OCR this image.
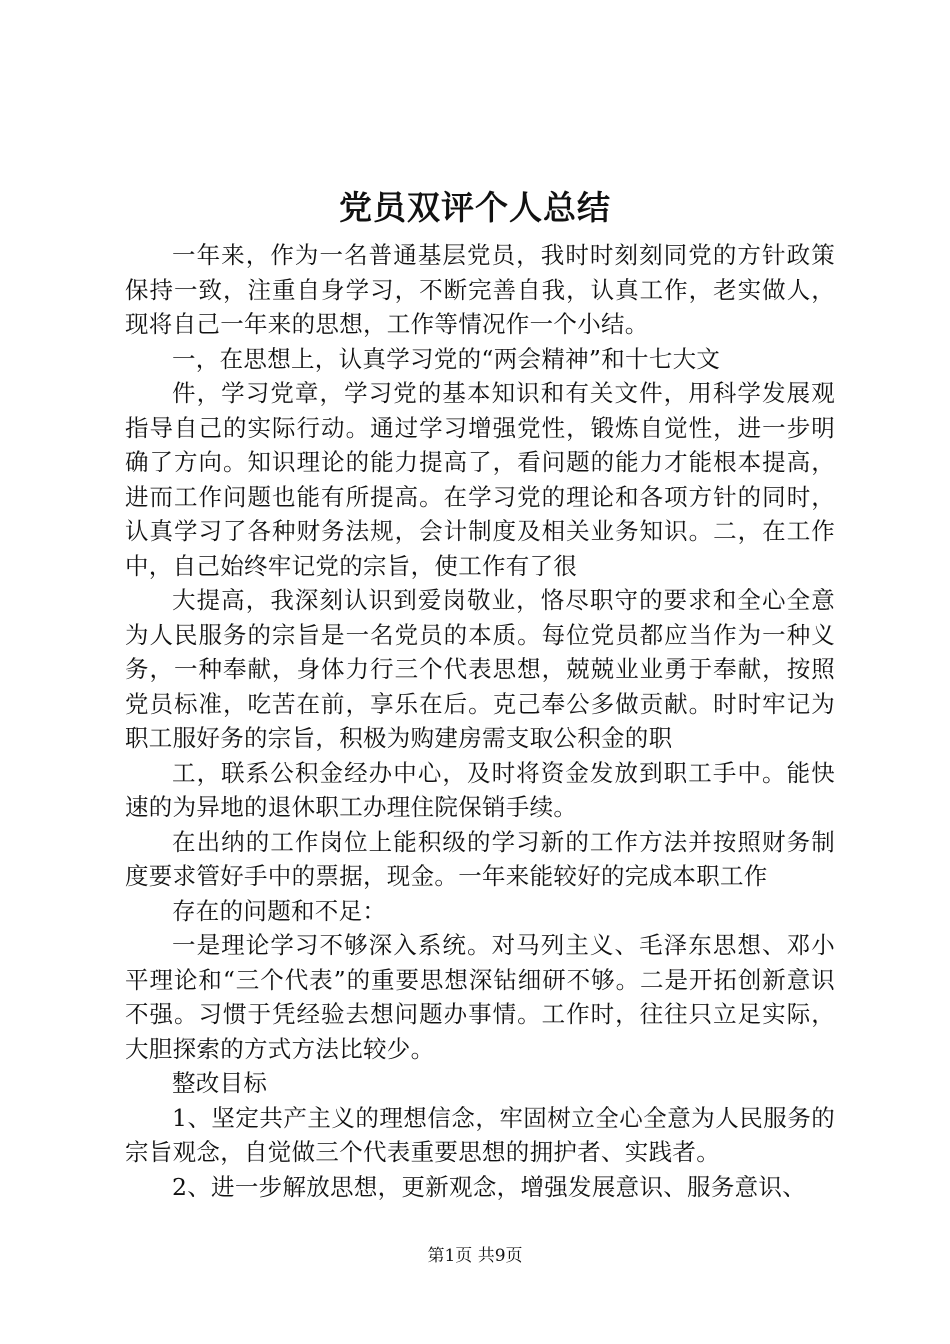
党员双评个人总结

一年来，作为一名普通基层党员，我时时刻刻同党的方针政策保持一致，注重自身学习，不断完善自我，认真工作，老实做人，现将自己一年来的思想，工作等情况作一个小结。

一，在思想上，认真学习党的“两会精神”和十七大文

件，学习党章，学习党的基本知识和有关文件，用科学发展观指导自己的实际行动。通过学习增强党性，锻炼自觉性，进一步明确了方向。知识理论的能力提高了，看问题的能力才能根本提高，进而工作问题也能有所提高。在学习党的理论和各项方针的同时，认真学习了各种财务法规，会计制度及相关业务知识。二，在工作中，自己始终牢记党的宗旨，使工作有了很

大提高，我深刻认识到爱岗敬业，恪尽职守的要求和全心全意为人民服务的宗旨是一名党员的本质。每位党员都应当作为一种义务，一种奉献，身体力行三个代表思想，兢兢业业勇于奉献，按照党员标准，吃苦在前，享乐在后。克己奉公多做贡献。时时牢记为职工服好务的宗旨，积极为购建房需支取公积金的职

工，联系公积金经办中心，及时将资金发放到职工手中。能快速的为异地的退休职工办理住院保销手续。

在出纳的工作岗位上能积级的学习新的工作方法并按照财务制度要求管好手中的票据，现金。一年来能较好的完成本职工作

存在的问题和不足：

一是理论学习不够深入系统。对马列主义、毛泽东思想、邓小平理论和“三个代表”的重要思想深钻细研不够。二是开拓创新意识不强。习惯于凭经验去想问题办事情。工作时，往往只立足实际，大胆探索的方式方法比较少。

整改目标

1、坚定共产主义的理想信念，牢固树立全心全意为人民服务的宗旨观念，自觉做三个代表重要思想的拥护者、实践者。

2、进一步解放思想，更新观念，增强发展意识、服务意识、

第1页 共9页
